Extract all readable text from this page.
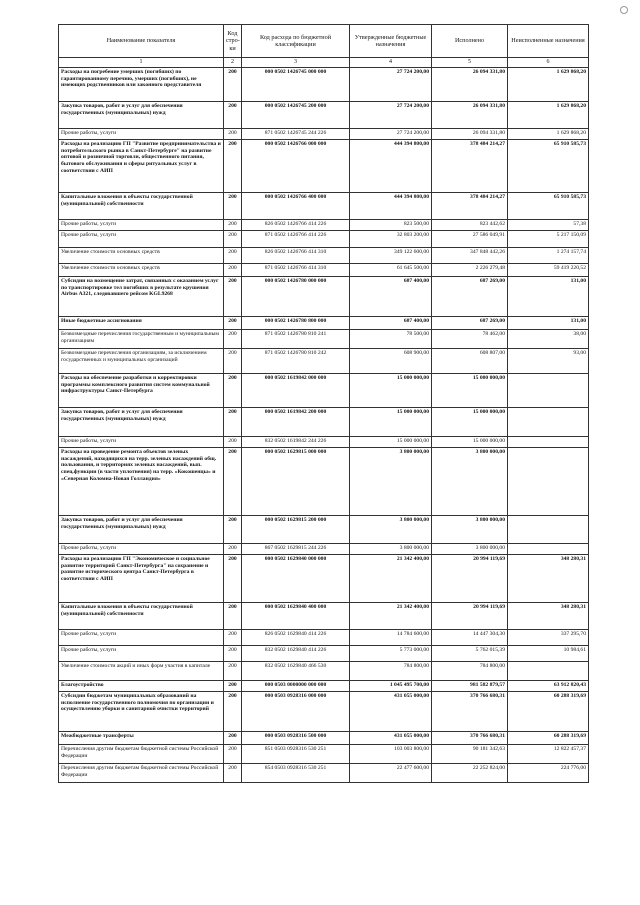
Наименование показателя	Код стро-ки	Код расхода по бюджетной классификации	Утвержденные бюджетные назначения	Исполнено	Неисполненные назначения
1	2	3	4	5	6
Расходы на погребение умерших (погибших) по гарантированному перечню, умерших (погибших), не имеющих родственников или законного представителя	200	000 0502 1426745 000 000	27 724 200,00	26 094 331,80	1 629 868,20
Закупка товаров, работ и услуг для обеспечения государственных (муниципальных) нужд	200	000 0502 1426745 200 000	27 724 200,00	26 094 331,80	1 629 868,20
Прочие работы, услуги	200	871 0502 1426745 244 226	27 724 200,00	26 094 331,80	1 629 868,20
Расходы на реализацию ГП "Развитие предпринимательства и потребительского рынка в Санкт-Петербурге" на развитие оптовой и розничной торговли, общественного питания, бытового обслуживания и сферы ритуальных услуг в соответствии с АИП	200	000 0502 1426766 000 000	444 394 800,00	378 484 214,27	65 910 585,73
Капитальные вложения в объекты государственной (муниципальной) собственности	200	000 0502 1426766 400 000	444 394 800,00	378 484 214,27	65 910 585,73
Прочие работы, услуги	200	826 0502 1426766 414 226	823 500,00	823 442,62	57,38
Прочие работы, услуги	200	871 0502 1426766 414 226	32 803 200,00	27 586 049,91	5 217 150,09
Увеличение стоимости основных средств	200	826 0502 1426766 414 310	349 122 600,00	347 848 442,26	1 274 157,74
Увеличение стоимости основных средств	200	871 0502 1426766 414 310	61 645 500,00	2 226 279,48	59 419 220,52
Субсидии на возмещение затрат, связанных с оказанием услуг по транспортировке тел погибших в результате крушения Airbus A321, следовавшего рейсом KGL9268	200	000 0502 1426780 000 000	687 400,00	687 269,00	131,00
Иные бюджетные ассигнования	200	000 0502 1426780 800 000	687 400,00	687 269,00	131,00
Безвозмездные перечисления государственным и муниципальным организациям	200	871 0502 1426780 810 241	78 500,00	78 462,00	38,00
Безвозмездные перечисления организациям, за исключением государственных и муниципальных организаций	200	871 0502 1426780 810 242	608 900,00	608 807,00	93,00
Расходы на обеспечение разработки и корректировки программы комплексного развития систем коммунальной инфраструктуры Санкт-Петербурга	200	000 0502 1619842 000 000	15 000 000,00	15 000 000,00	
Закупка товаров, работ и услуг для обеспечения государственных (муниципальных) нужд	200	000 0502 1619842 200 000	15 000 000,00	15 000 000,00	
Прочие работы, услуги	200	832 0502 1619842 244 226	15 000 000,00	15 000 000,00	
Расходы на проведение ремонта объектов зеленых насаждений, находящихся на терр. зеленых насаждений общ. пользования, и территориях зеленых насаждений, вып. спец.функции (в части уплотнения) на терр. «Кокошенцы» и «Северная Коломна-Новая Голландия»	200	000 0502 1629815 000 000	3 800 000,00	3 800 000,00	
Закупка товаров, работ и услуг для обеспечения государственных (муниципальных) нужд	200	000 0502 1629815 200 000	3 800 000,00	3 800 000,00	
Прочие работы, услуги	200	867 0502 1629815 244 226	3 800 000,00	3 800 000,00	
Расходы на реализацию ГП "Экономическое и социальное развитие территорий Санкт-Петербурга" на сохранение и развитие исторического центра Санкт-Петербурга в соответствии с АИП	200	000 0502 1629840 000 000	21 342 400,00	20 994 119,69	348 280,31
Капитальные вложения в объекты государственной (муниципальной) собственности	200	000 0502 1629840 400 000	21 342 400,00	20 994 119,69	348 280,31
Прочие работы, услуги	200	826 0502 1629840 414 226	14 784 600,00	14 447 304,30	337 295,70
Прочие работы, услуги	200	832 0502 1629840 414 226	5 773 000,00	5 762 015,39	10 984,61
Увеличение стоимости акций и иных форм участия в капитале	200	832 0502 1629840 466 530	784 800,00	784 800,00	
Благоустройство	200	000 0503 0000000 000 000	1 045 495 700,00	981 582 879,57	63 912 820,43
Субсидии бюджетам муниципальных образований на исполнение государственного полномочия по организации и осуществлению уборки и санитарной очистки территорий	200	000 0503 0928316 000 000	431 055 000,00	370 766 680,31	60 288 319,69
Межбюджетные трансферты	200	000 0503 0928316 500 000	431 055 000,00	370 766 680,31	60 288 319,69
Перечисления другим бюджетам бюджетной системы Российской Федерации	200	851 0503 0928316 530 251	103 003 800,00	90 181 342,63	12 822 457,37
Перечисления другим бюджетам бюджетной системы Российской Федерации	200	854 0503 0928316 530 251	22 477 600,00	22 252 824,00	224 776,00
